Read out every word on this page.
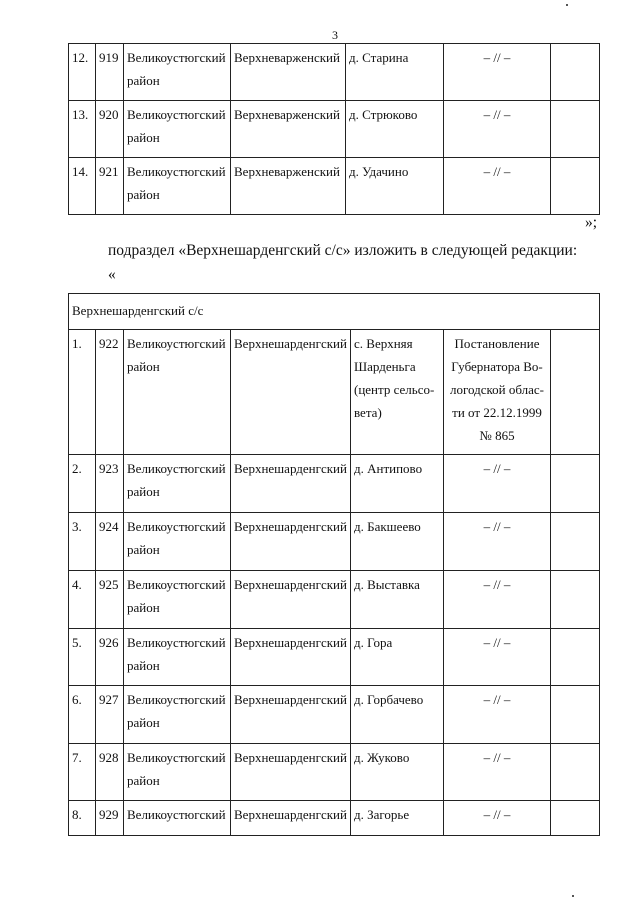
3
12.	919	Великоустюгский район	Верхневарженский	д. Старина	– // –	
13.	920	Великоустюгский район	Верхневарженский	д. Стрюково	– // –	
14.	921	Великоустюгский район	Верхневарженский	д. Удачино	– // –	
»;
подраздел «Верхнешарденгский с/с» изложить в следующей редакции:
«
Верхнешарденгский с/с						
1.	922	Великоустюгский район	Верхнешарденгский	с. Верхняя Шарденьга (центр сельсо-вета)	Постановление Губернатора Во-логодской облас-ти от 22.12.1999 № 865	
2.	923	Великоустюгский район	Верхнешарденгский	д. Антипово	– // –	
3.	924	Великоустюгский район	Верхнешарденгский	д. Бакшеево	– // –	
4.	925	Великоустюгский район	Верхнешарденгский	д. Выставка	– // –	
5.	926	Великоустюгский район	Верхнешарденгский	д. Гора	– // –	
6.	927	Великоустюгский район	Верхнешарденгский	д. Горбачево	– // –	
7.	928	Великоустюгский район	Верхнешарденгский	д. Жуково	– // –	
8.	929	Великоустюгский	Верхнешарденгский	д. Загорье	– // –	
